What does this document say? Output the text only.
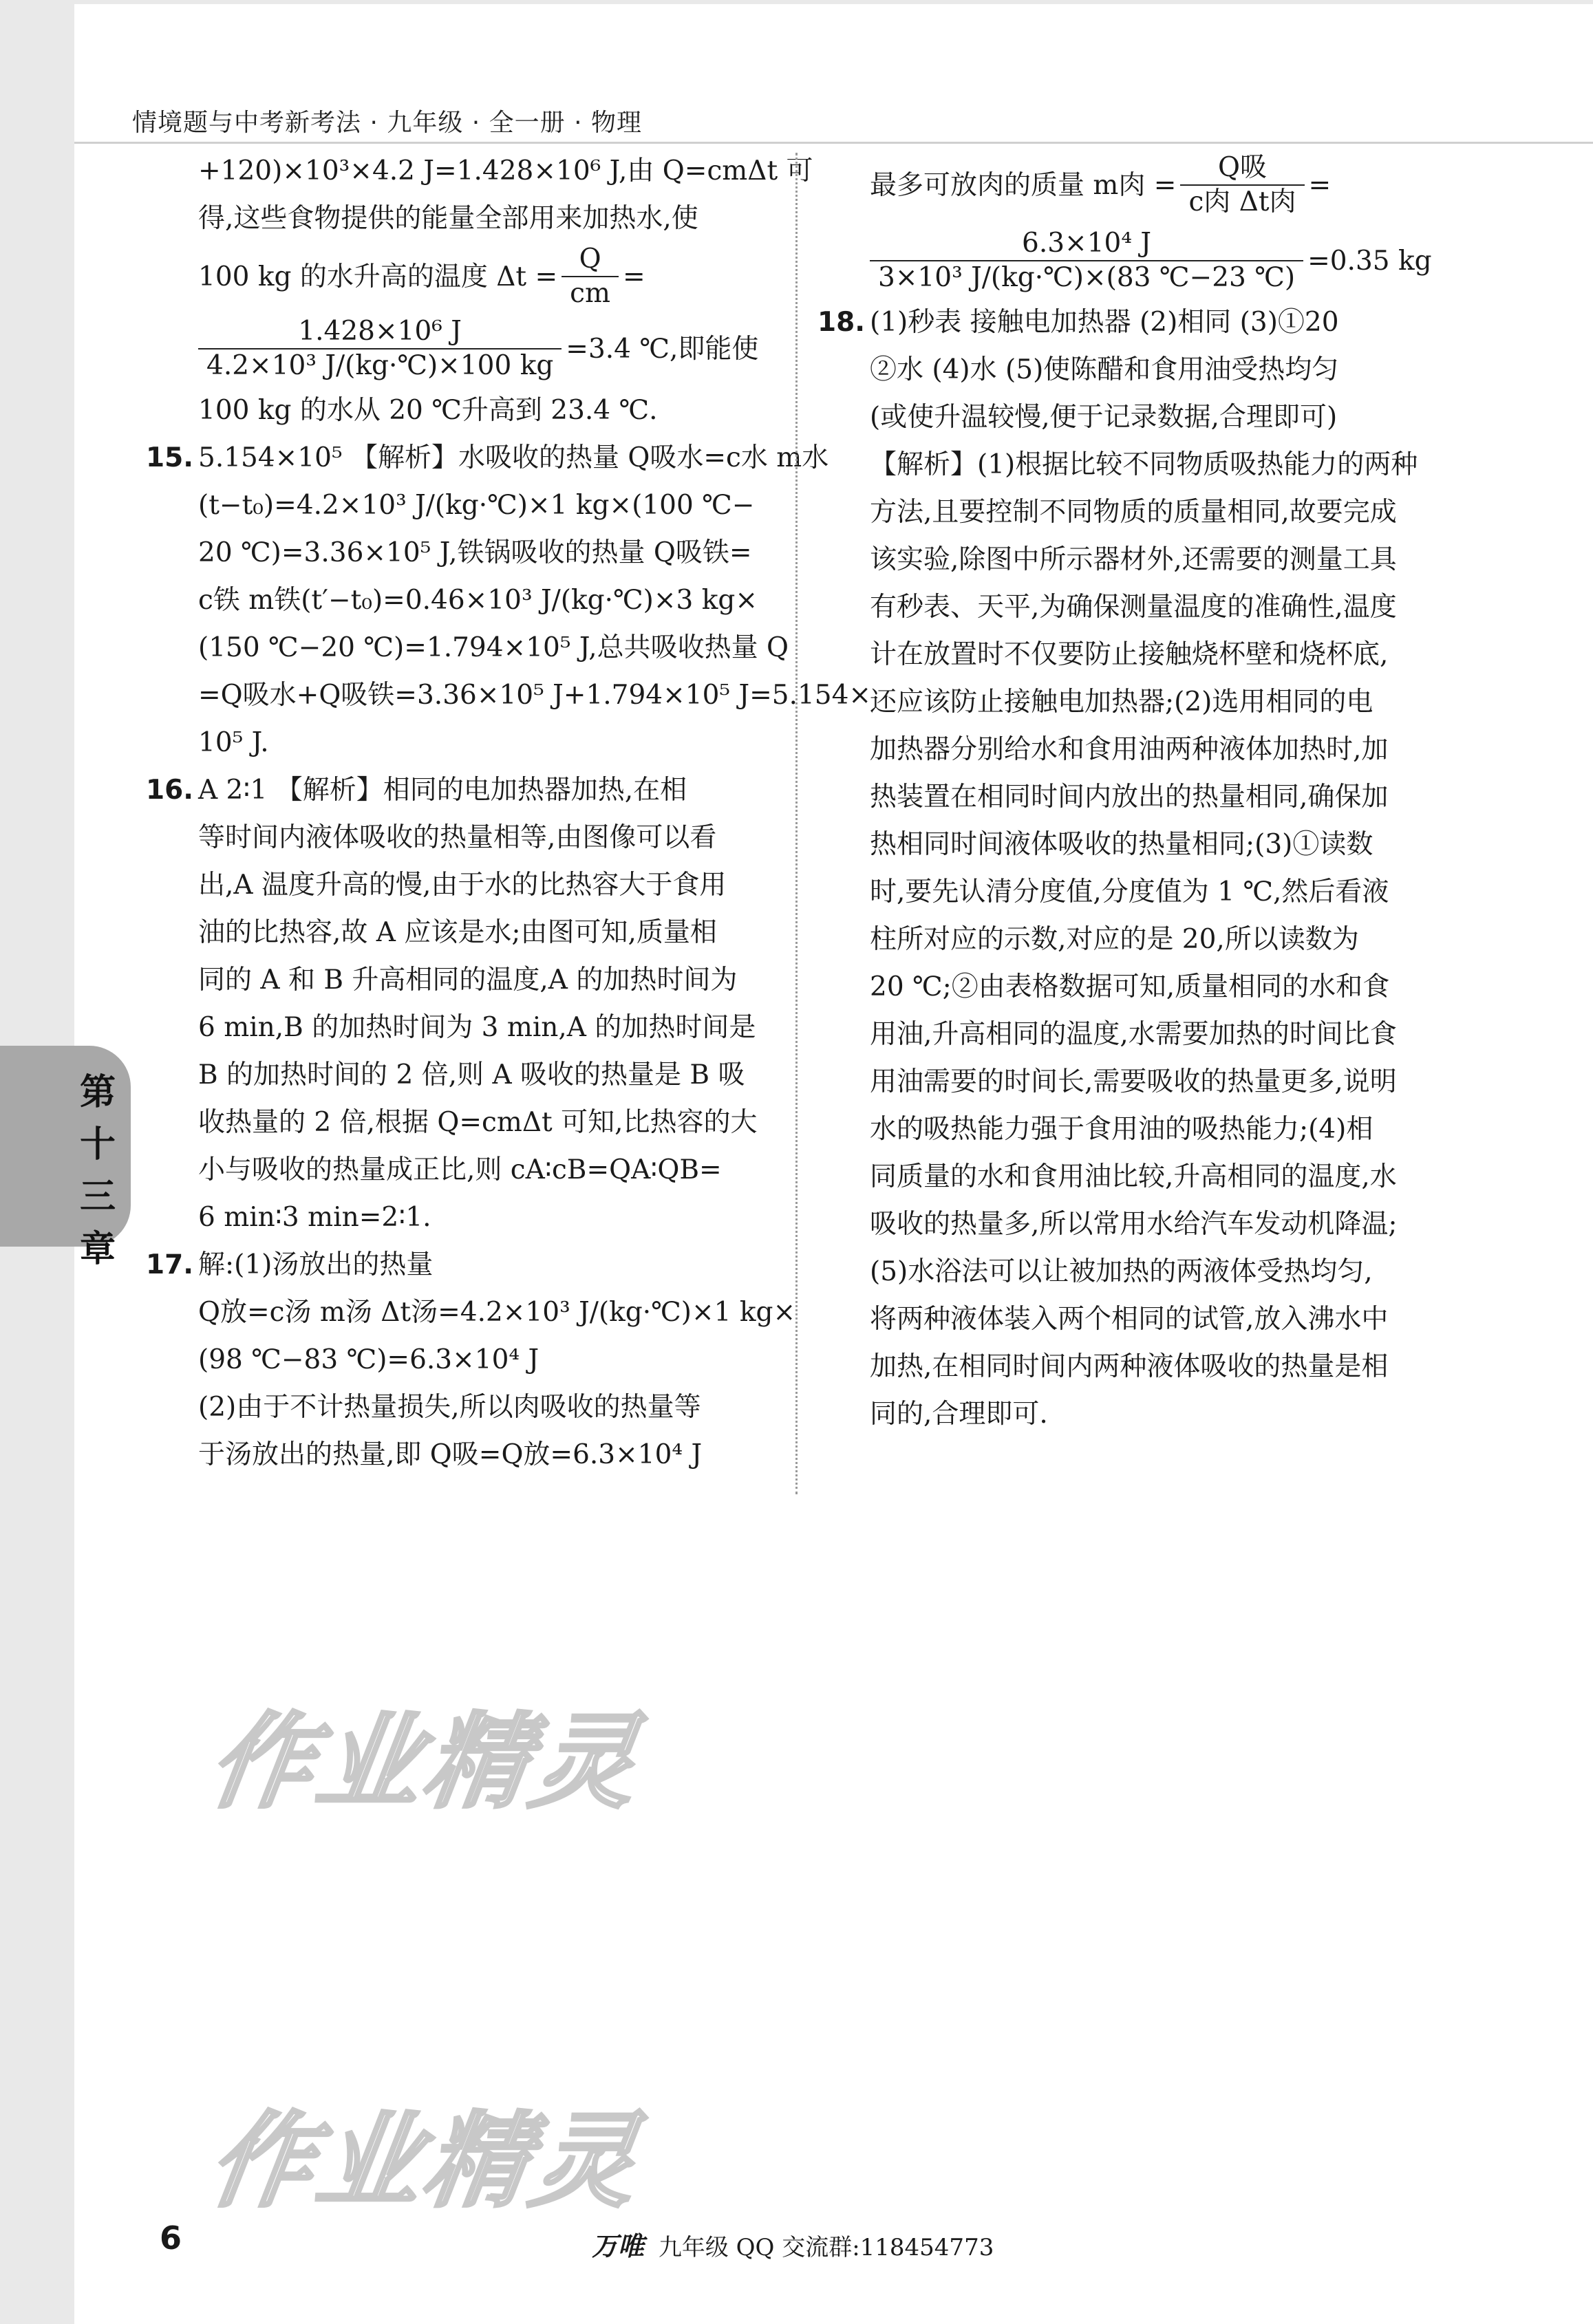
情境题与中考新考法 · 九年级 · 全一册 · 物理
+120)×10³×4.2 J=1.428×10⁶ J,由 Q=cmΔt 可
得,这些食物提供的能量全部用来加热水,使
100 kg 的水升高的温度 $\Delta t = \frac{Q}{cm}$ =
$\frac{\text{1.428×10⁶ J}}{\text{4.2×10³ J/(kg·℃)×100 kg}} =3.4$ ℃,即能使
100 kg 的水从 20 ℃升高到 23.4 ℃.
15. 5.154×10⁵ 【解析】水吸收的热量 Q吸水=c水 m水
(t−t₀)=4.2×10³ J/(kg·℃)×1 kg×(100 ℃−
20 ℃)=3.36×10⁵ J,铁锅吸收的热量 Q吸铁=
c铁 m铁(t′−t₀)=0.46×10³ J/(kg·℃)×3 kg×
(150 ℃−20 ℃)=1.794×10⁵ J,总共吸收热量 Q
=Q吸水+Q吸铁=3.36×10⁵ J+1.794×10⁵ J=5.154×
10⁵ J.
16. A 2∶1 【解析】相同的电加热器加热,在相
等时间内液体吸收的热量相等,由图像可以看
出,A 温度升高的慢,由于水的比热容大于食用
油的比热容,故 A 应该是水;由图可知,质量相
同的 A 和 B 升高相同的温度,A 的加热时间为
6 min,B 的加热时间为 3 min,A 的加热时间是
B 的加热时间的 2 倍,则 A 吸收的热量是 B 吸
收热量的 2 倍,根据 Q=cmΔt 可知,比热容的大
小与吸收的热量成正比,则 cA∶cB=QA∶QB=
6 min∶3 min=2∶1.
17. 解:(1)汤放出的热量
Q放=c汤 m汤 Δt汤=4.2×10³ J/(kg·℃)×1 kg×
(98 ℃−83 ℃)=6.3×10⁴ J
(2)由于不计热量损失,所以肉吸收的热量等
于汤放出的热量,即 Q吸=Q放=6.3×10⁴ J
最多可放肉的质量 m肉 = $\frac{\text{Q吸}}{\text{c肉 Δt肉}}$ =
$\frac{\text{6.3×10⁴ J}}{\text{3×10³ J/(kg·℃)×(83 ℃−23 ℃)}} =0.35$ kg
18. (1)秒表 接触电加热器 (2)相同 (3)①20
②水 (4)水 (5)使陈醋和食用油受热均匀
(或使升温较慢,便于记录数据,合理即可)
【解析】(1)根据比较不同物质吸热能力的两种
方法,且要控制不同物质的质量相同,故要完成
该实验,除图中所示器材外,还需要的测量工具
有秒表、天平,为确保测量温度的准确性,温度
计在放置时不仅要防止接触烧杯壁和烧杯底,
还应该防止接触电加热器;(2)选用相同的电
加热器分别给水和食用油两种液体加热时,加
热装置在相同时间内放出的热量相同,确保加
热相同时间液体吸收的热量相同;(3)①读数
时,要先认清分度值,分度值为 1 ℃,然后看液
柱所对应的示数,对应的是 20,所以读数为
20 ℃;②由表格数据可知,质量相同的水和食
用油,升高相同的温度,水需要加热的时间比食
用油需要的时间长,需要吸收的热量更多,说明
水的吸热能力强于食用油的吸热能力;(4)相
同质量的水和食用油比较,升高相同的温度,水
吸收的热量多,所以常用水给汽车发动机降温;
(5)水浴法可以让被加热的两液体受热均匀,
将两种液体装入两个相同的试管,放入沸水中
加热,在相同时间内两种液体吸收的热量是相
同的,合理即可.
第
十
三
章
作业精灵
作业精灵
6	万唯 九年级 QQ 交流群:118454773
